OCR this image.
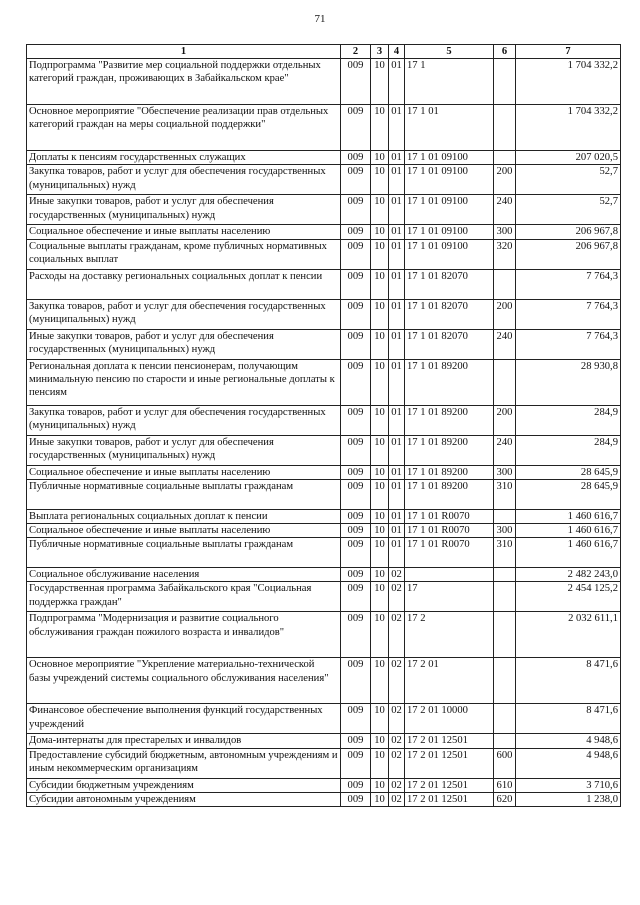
71
1	2	3	4	5	6	7
Подпрограмма "Развитие мер социальной поддержки отдельных категорий граждан, проживающих в Забайкальском крае"	009	10	01	17 1		1 704 332,2
Основное мероприятие "Обеспечение реализации прав отдельных категорий граждан на меры социальной поддержки"	009	10	01	17 1 01		1 704 332,2
Доплаты к пенсиям государственных служащих	009	10	01	17 1 01 09100		207 020,5
Закупка товаров, работ и услуг для обеспечения государственных (муниципальных) нужд	009	10	01	17 1 01 09100	200	52,7
Иные закупки товаров, работ и услуг для обеспечения государственных (муниципальных) нужд	009	10	01	17 1 01 09100	240	52,7
Социальное обеспечение и иные выплаты населению	009	10	01	17 1 01 09100	300	206 967,8
Социальные выплаты гражданам, кроме публичных нормативных социальных выплат	009	10	01	17 1 01 09100	320	206 967,8
Расходы на доставку региональных социальных доплат к пенсии	009	10	01	17 1 01 82070		7 764,3
Закупка товаров, работ и услуг для обеспечения государственных (муниципальных) нужд	009	10	01	17 1 01 82070	200	7 764,3
Иные закупки товаров, работ и услуг для обеспечения государственных (муниципальных) нужд	009	10	01	17 1 01 82070	240	7 764,3
Региональная доплата к пенсии пенсионерам, получающим минимальную пенсию по старости и иные региональные доплаты к пенсиям	009	10	01	17 1 01 89200		28 930,8
Закупка товаров, работ и услуг для обеспечения государственных (муниципальных) нужд	009	10	01	17 1 01 89200	200	284,9
Иные закупки товаров, работ и услуг для обеспечения государственных (муниципальных) нужд	009	10	01	17 1 01 89200	240	284,9
Социальное обеспечение и иные выплаты населению	009	10	01	17 1 01 89200	300	28 645,9
Публичные нормативные социальные выплаты гражданам	009	10	01	17 1 01 89200	310	28 645,9
Выплата региональных социальных доплат к пенсии	009	10	01	17 1 01 R0070		1 460 616,7
Социальное обеспечение и иные выплаты населению	009	10	01	17 1 01 R0070	300	1 460 616,7
Публичные нормативные социальные выплаты гражданам	009	10	01	17 1 01 R0070	310	1 460 616,7
Социальное обслуживание населения	009	10	02			2 482 243,0
Государственная программа Забайкальского края "Социальная поддержка граждан"	009	10	02	17		2 454 125,2
Подпрограмма "Модернизация и развитие социального обслуживания граждан пожилого возраста и инвалидов"	009	10	02	17 2		2 032 611,1
Основное мероприятие "Укрепление материально-технической базы учреждений системы социального обслуживания населения"	009	10	02	17 2 01		8 471,6
Финансовое обеспечение выполнения функций государственных учреждений	009	10	02	17 2 01 10000		8 471,6
Дома-интернаты для престарелых и инвалидов	009	10	02	17 2 01 12501		4 948,6
Предоставление субсидий бюджетным, автономным учреждениям и иным некоммерческим организациям	009	10	02	17 2 01 12501	600	4 948,6
Субсидии бюджетным учреждениям	009	10	02	17 2 01 12501	610	3 710,6
Субсидии автономным учреждениям	009	10	02	17 2 01 12501	620	1 238,0
